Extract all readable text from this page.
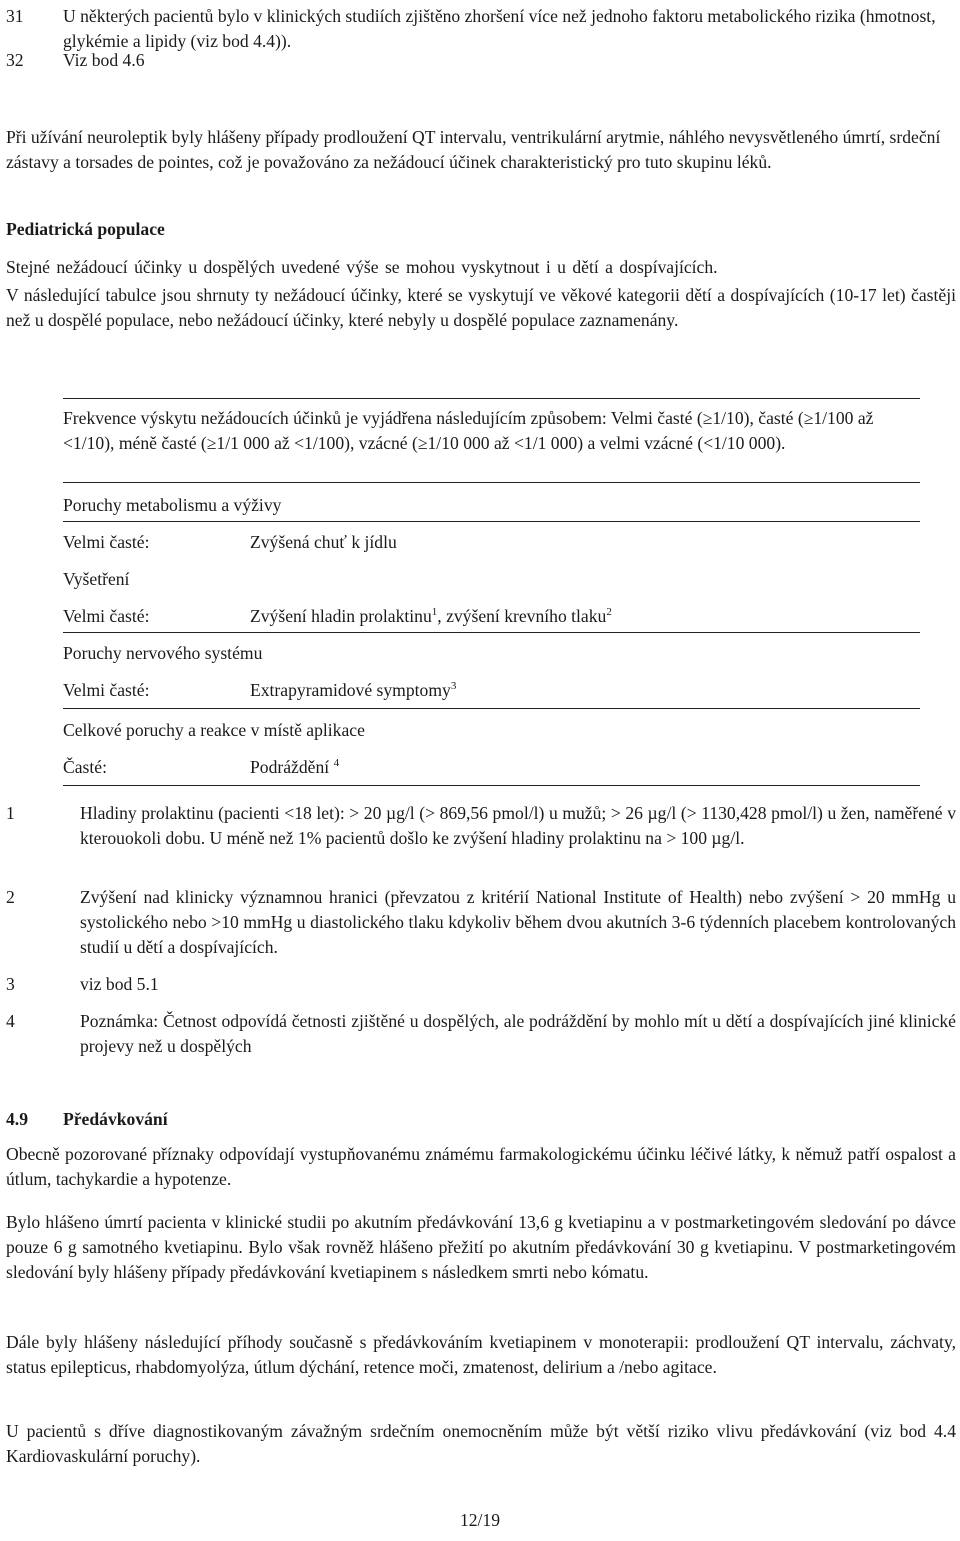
31 U některých pacientů bylo v klinických studiích zjištěno zhoršení více než jednoho faktoru metabolického rizika (hmotnost, glykémie a lipidy (viz bod 4.4)).

32 Viz bod 4.6

Při užívání neuroleptik byly hlášeny případy prodloužení QT intervalu, ventrikulární arytmie, náhlého nevysvětleného úmrtí, srdeční zástavy a torsades de pointes, což je považováno za nežádoucí účinek charakteristický pro tuto skupinu léků.

Pediatrická populace

Stejné nežádoucí účinky u dospělých uvedené výše se mohou vyskytnout i u dětí a dospívajících.

V následující tabulce jsou shrnuty ty nežádoucí účinky, které se vyskytují ve věkové kategorii dětí a dospívajících (10-17 let) častěji než u dospělé populace, nebo nežádoucí účinky, které nebyly u dospělé populace zaznamenány.

Frekvence výskytu nežádoucích účinků je vyjádřena následujícím způsobem: Velmi časté (≥1/10), časté (≥1/100 až <1/10), méně časté (≥1/1 000 až <1/100), vzácné (≥1/10 000 až <1/1 000) a velmi vzácné (<1/10 000).

Poruchy metabolismu a výživy
Velmi časté:	Zvýšená chuť k jídlu
Vyšetření
Velmi časté:	Zvýšení hladin prolaktinu$^1$, zvýšení krevního tlaku$^2$
Poruchy nervového systému
Velmi časté:	Extrapyramidové symptomy$^3$
Celkové poruchy a reakce v místě aplikace
Časté:	Podráždění $^4$
1	Hladiny prolaktinu (pacienti <18 let): > 20 µg/l (> 869,56 pmol/l) u mužů; > 26 µg/l (> 1130,428 pmol/l) u žen, naměřené v kterouokoli dobu. U méně než 1% pacientů došlo ke zvýšení hladiny prolaktinu na > 100 µg/l.

2	Zvýšení nad klinicky významnou hranici (převzatou z kritérií National Institute of Health) nebo zvýšení > 20 mmHg u systolického nebo >10 mmHg u diastolického tlaku kdykoliv během dvou akutních 3-6 týdenních placebem kontrolovaných studií u dětí a dospívajících.

3	viz bod 5.1

4	Poznámka: Četnost odpovídá četnosti zjištěné u dospělých, ale podráždění by mohlo mít u dětí a dospívajících jiné klinické projevy než u dospělých

4.9 Předávkování

Obecně pozorované příznaky odpovídají vystupňovanému známému farmakologickému účinku léčivé látky, k němuž patří ospalost a útlum, tachykardie a hypotenze.

Bylo hlášeno úmrtí pacienta v klinické studii po akutním předávkování 13,6 g kvetiapinu a v postmarketingovém sledování po dávce pouze 6 g samotného kvetiapinu. Bylo však rovněž hlášeno přežití po akutním předávkování 30 g kvetiapinu. V postmarketingovém sledování byly hlášeny případy předávkování kvetiapinem s následkem smrti nebo kómatu.

Dále byly hlášeny následující příhody současně s předávkováním kvetiapinem v monoterapii: prodloužení QT intervalu, záchvaty, status epilepticus, rhabdomyolýza, útlum dýchání, retence moči, zmatenost, delirium a /nebo agitace.

U pacientů s dříve diagnostikovaným závažným srdečním onemocněním může být větší riziko vlivu předávkování (viz bod 4.4 Kardiovaskulární poruchy).

12/19
